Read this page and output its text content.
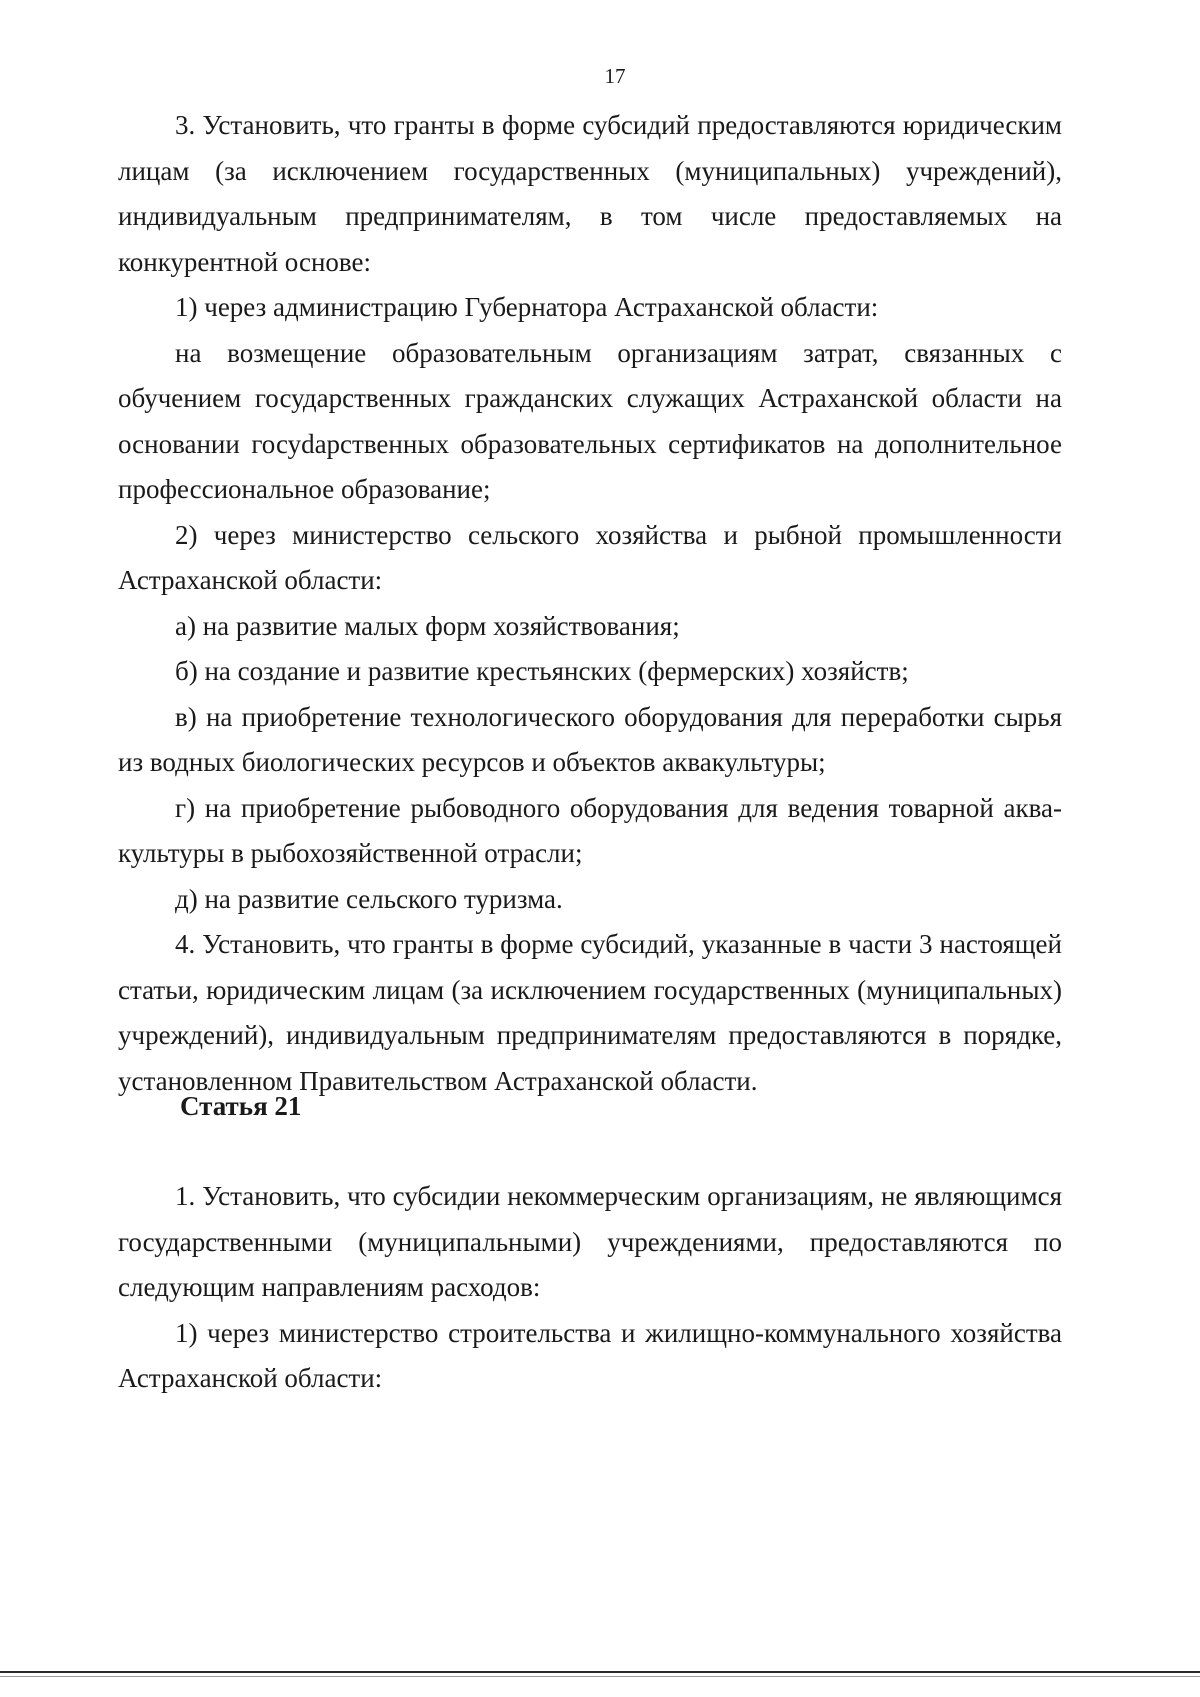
17

3. Установить, что гранты в форме субсидий предоставляются юридическим лицам (за исключением государственных (муниципальных) учреждений), индивидуальным предпринимателям, в том числе предоставляемых на конкурентной основе:

1) через администрацию Губернатора Астраханской области:

на возмещение образовательным организациям затрат, связанных с обучением государственных гражданских служащих Астраханской области на основании госуdарственных образовательных сертификатов на дополнительное профессиональное образование;

2) через министерство сельского хозяйства и рыбной промышленности Астраханской области:

а) на развитие малых форм хозяйствования;

б) на создание и развитие крестьянских (фермерских) хозяйств;

в) на приобретение технологического оборудования для переработки сырья из водных биологических ресурсов и объектов аквакультуры;

г) на приобретение рыбоводного оборудования для ведения товарной аквакультуры в рыбохозяйственной отрасли;

д) на развитие сельского туризма.

4. Установить, что гранты в форме субсидий, указанные в части 3 настоящей статьи, юридическим лицам (за исключением государственных (муниципальных) учреждений), индивидуальным предпринимателям предоставляются в порядке, установленном Правительством Астраханской области.

Статья 21

1. Установить, что субсидии некоммерческим организациям, не являющимся государственными (муниципальными) учреждениями, предоставляются по следующим направлениям расходов:

1) через министерство строительства и жилищно-коммунального хозяйства Астраханской области:
